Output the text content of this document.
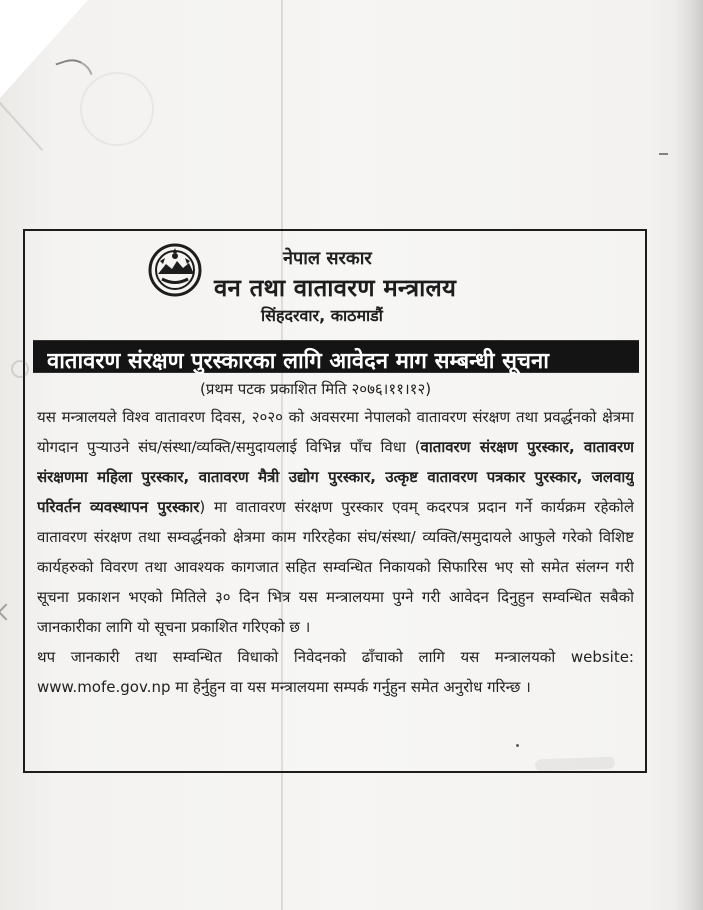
नेपाल सरकार
वन तथा वातावरण मन्त्रालय
सिंहदरवार, काठमाडौं
वातावरण संरक्षण पुरस्कारका लागि आवेदन माग सम्बन्धी सूचना
(प्रथम पटक प्रकाशित मिति २०७६।११।१२)

यस मन्त्रालयले विश्व वातावरण दिवस, २०२० को अवसरमा नेपालको वातावरण संरक्षण तथा प्रवर्द्धनको क्षेत्रमा योगदान पुऱ्याउने संघ/संस्था/व्यक्ति/समुदायलाई विभिन्न पाँच विधा (वातावरण संरक्षण पुरस्कार, वातावरण संरक्षणमा महिला पुरस्कार, वातावरण मैत्री उद्योग पुरस्कार, उत्कृष्ट वातावरण पत्रकार पुरस्कार, जलवायु परिवर्तन व्यवस्थापन पुरस्कार) मा वातावरण संरक्षण पुरस्कार एवम् कदरपत्र प्रदान गर्ने कार्यक्रम रहेकोले वातावरण संरक्षण तथा सम्वर्द्धनको क्षेत्रमा काम गरिरहेका संघ/संस्था/ व्यक्ति/समुदायले आफुले गरेको विशिष्ट कार्यहरुको विवरण तथा आवश्यक कागजात सहित सम्वन्धित निकायको सिफारिस भए सो समेत संलग्न गरी सूचना प्रकाशन भएको मितिले ३० दिन भित्र यस मन्त्रालयमा पुग्ने गरी आवेदन दिनुहुन सम्वन्धित सबैको जानकारीका लागि यो सूचना प्रकाशित गरिएको छ ।

थप जानकारी तथा सम्वन्धित विधाको निवेदनको ढाँचाको लागि यस मन्त्रालयको website: www.mofe.gov.np मा हेर्नुहुन वा यस मन्त्रालयमा सम्पर्क गर्नुहुन समेत अनुरोध गरिन्छ ।
